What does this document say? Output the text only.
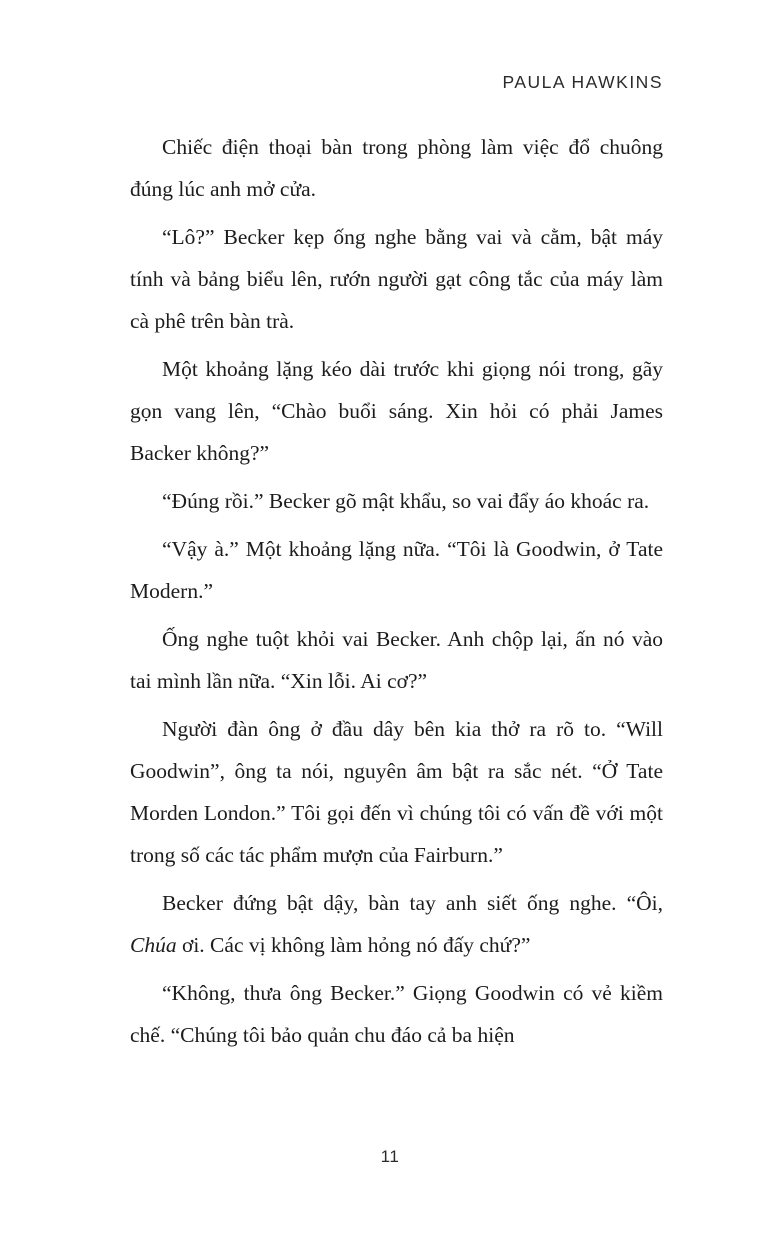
PAULA HAWKINS

Chiếc điện thoại bàn trong phòng làm việc đổ chuông đúng lúc anh mở cửa.

“Lô?” Becker kẹp ống nghe bằng vai và cằm, bật máy tính và bảng biểu lên, rướn người gạt công tắc của máy làm cà phê trên bàn trà.

Một khoảng lặng kéo dài trước khi giọng nói trong, gãy gọn vang lên, “Chào buổi sáng. Xin hỏi có phải James Backer không?”

“Đúng rồi.” Becker gõ mật khẩu, so vai đẩy áo khoác ra.

“Vậy à.” Một khoảng lặng nữa. “Tôi là Goodwin, ở Tate Modern.”

Ống nghe tuột khỏi vai Becker. Anh chộp lại, ấn nó vào tai mình lần nữa. “Xin lỗi. Ai cơ?”

Người đàn ông ở đầu dây bên kia thở ra rõ to. “Will Goodwin”, ông ta nói, nguyên âm bật ra sắc nét. “Ở Tate Morden London.” Tôi gọi đến vì chúng tôi có vấn đề với một trong số các tác phẩm mượn của Fairburn.”

Becker đứng bật dậy, bàn tay anh siết ống nghe. “Ôi, Chúa ơi. Các vị không làm hỏng nó đấy chứ?”

“Không, thưa ông Becker.” Giọng Goodwin có vẻ kiềm chế. “Chúng tôi bảo quản chu đáo cả ba hiện

11
